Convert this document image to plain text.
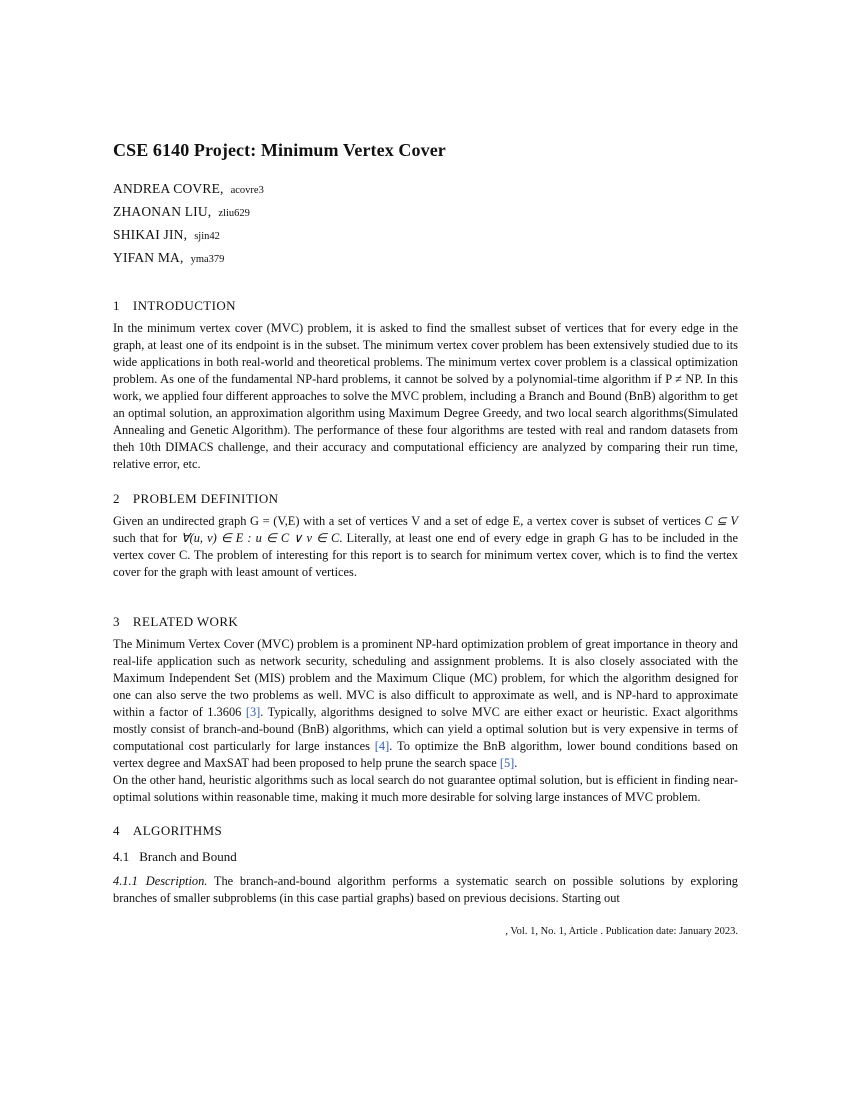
CSE 6140 Project: Minimum Vertex Cover
ANDREA COVRE, acovre3
ZHAONAN LIU, zliu629
SHIKAI JIN, sjin42
YIFAN MA, yma379
1 INTRODUCTION

In the minimum vertex cover (MVC) problem, it is asked to find the smallest subset of vertices that for every edge in the graph, at least one of its endpoint is in the subset. The minimum vertex cover problem has been extensively studied due to its wide applications in both real-world and theoretical problems. The minimum vertex cover problem is a classical optimization problem. As one of the fundamental NP-hard problems, it cannot be solved by a polynomial-time algorithm if P ≠ NP. In this work, we applied four different approaches to solve the MVC problem, including a Branch and Bound (BnB) algorithm to get an optimal solution, an approximation algorithm using Maximum Degree Greedy, and two local search algorithms(Simulated Annealing and Genetic Algorithm). The performance of these four algorithms are tested with real and random datasets from theh 10th DIMACS challenge, and their accuracy and computational efficiency are analyzed by comparing their run time, relative error, etc.

2 PROBLEM DEFINITION

Given an undirected graph G = (V,E) with a set of vertices V and a set of edge E, a vertex cover is subset of vertices C ⊆ V such that for ∀(u, v) ∈ E : u ∈ C ∨ v ∈ C. Literally, at least one end of every edge in graph G has to be included in the vertex cover C. The problem of interesting for this report is to search for minimum vertex cover, which is to find the vertex cover for the graph with least amount of vertices.

3 RELATED WORK

The Minimum Vertex Cover (MVC) problem is a prominent NP-hard optimization problem of great importance in theory and real-life application such as network security, scheduling and assignment problems. It is also closely associated with the Maximum Independent Set (MIS) problem and the Maximum Clique (MC) problem, for which the algorithm designed for one can also serve the two problems as well. MVC is also difficult to approximate as well, and is NP-hard to approximate within a factor of 1.3606 [3]. Typically, algorithms designed to solve MVC are either exact or heuristic. Exact algorithms mostly consist of branch-and-bound (BnB) algorithms, which can yield a optimal solution but is very expensive in terms of computational cost particularly for large instances [4]. To optimize the BnB algorithm, lower bound conditions based on vertex degree and MaxSAT had been proposed to help prune the search space [5].

On the other hand, heuristic algorithms such as local search do not guarantee optimal solution, but is efficient in finding near-optimal solutions within reasonable time, making it much more desirable for solving large instances of MVC problem.

4 ALGORITHMS
4.1 Branch and Bound

4.1.1 Description. The branch-and-bound algorithm performs a systematic search on possible solutions by exploring branches of smaller subproblems (in this case partial graphs) based on previous decisions. Starting out

, Vol. 1, No. 1, Article . Publication date: January 2023.
